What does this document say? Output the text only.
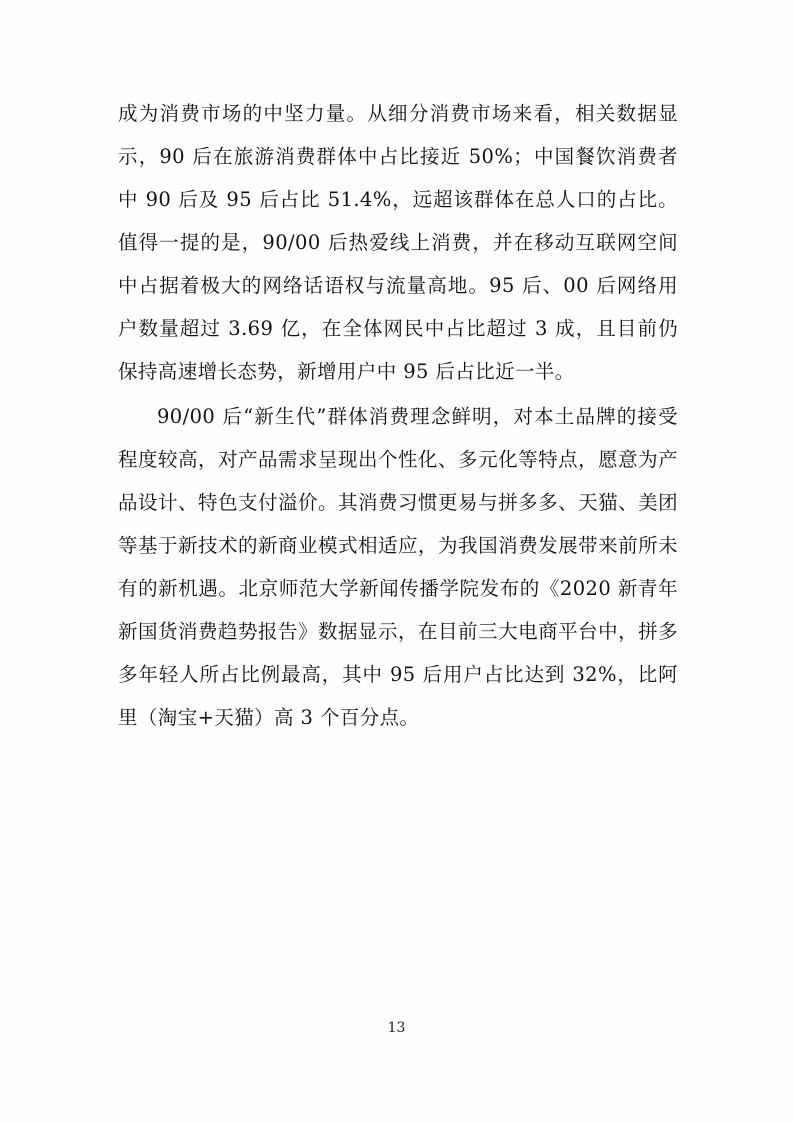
成为消费市场的中坚力量。从细分消费市场来看，相关数据显示，90 后在旅游消费群体中占比接近 50%；中国餐饮消费者中 90 后及 95 后占比 51.4%，远超该群体在总人口的占比。值得一提的是，90/00 后热爱线上消费，并在移动互联网空间中占据着极大的网络话语权与流量高地。95 后、00 后网络用户数量超过 3.69 亿，在全体网民中占比超过 3 成，且目前仍保持高速增长态势，新增用户中 95 后占比近一半。

90/00 后“新生代”群体消费理念鲜明，对本土品牌的接受程度较高，对产品需求呈现出个性化、多元化等特点，愿意为产品设计、特色支付溢价。其消费习惯更易与拼多多、天猫、美团等基于新技术的新商业模式相适应，为我国消费发展带来前所未有的新机遇。北京师范大学新闻传播学院发布的《2020 新青年新国货消费趋势报告》数据显示，在目前三大电商平台中，拼多多年轻人所占比例最高，其中 95 后用户占比达到 32%，比阿里（淘宝+天猫）高 3 个百分点。

13
